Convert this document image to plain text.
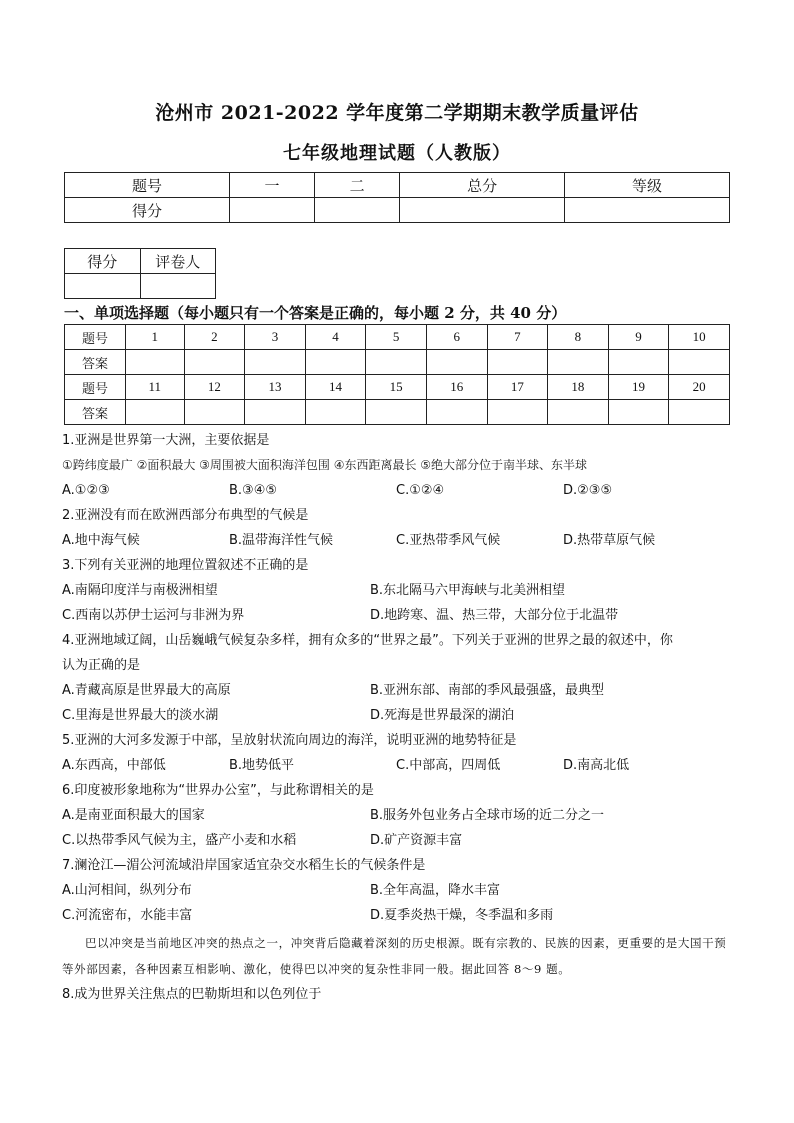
沧州市 2021-2022 学年度第二学期期末教学质量评估
七年级地理试题（人教版）
题号	一	二	总分	等级
得分				
得分	评卷人

一、单项选择题（每小题只有一个答案是正确的，每小题 2 分，共 40 分）
题号	1	2	3	4	5	6	7	8	9	10
答案										
题号	11	12	13	14	15	16	17	18	19	20
答案										
1.亚洲是世界第一大洲，主要依据是
①跨纬度最广 ②面积最大 ③周围被大面积海洋包围 ④东西距离最长 ⑤绝大部分位于南半球、东半球
A.①②③	B.③④⑤	C.①②④	D.②③⑤
2.亚洲没有而在欧洲西部分布典型的气候是
A.地中海气候	B.温带海洋性气候	C.亚热带季风气候	D.热带草原气候
3.下列有关亚洲的地理位置叙述不正确的是
A.南隔印度洋与南极洲相望	B.东北隔马六甲海峡与北美洲相望
C.西南以苏伊士运河与非洲为界	D.地跨寒、温、热三带，大部分位于北温带
4.亚洲地域辽阔，山岳巍峨气候复杂多样，拥有众多的“世界之最”。下列关于亚洲的世界之最的叙述中，你
认为正确的是
A.青藏高原是世界最大的高原	B.亚洲东部、南部的季风最强盛，最典型
C.里海是世界最大的淡水湖	D.死海是世界最深的湖泊
5.亚洲的大河多发源于中部，呈放射状流向周边的海洋，说明亚洲的地势特征是
A.东西高，中部低	B.地势低平	C.中部高，四周低	D.南高北低
6.印度被形象地称为“世界办公室”，与此称谓相关的是
A.是南亚面积最大的国家	B.服务外包业务占全球市场的近二分之一
C.以热带季风气候为主，盛产小麦和水稻	D.矿产资源丰富
7.澜沧江—湄公河流域沿岸国家适宜杂交水稻生长的气候条件是
A.山河相间，纵列分布	B.全年高温，降水丰富
C.河流密布，水能丰富	D.夏季炎热干燥，冬季温和多雨

巴以冲突是当前地区冲突的热点之一，冲突背后隐藏着深刻的历史根源。既有宗教的、民族的因素，更重要的是大国干预等外部因素，各种因素互相影响、激化，使得巴以冲突的复杂性非同一般。据此回答 8～9 题。

8.成为世界关注焦点的巴勒斯坦和以色列位于
